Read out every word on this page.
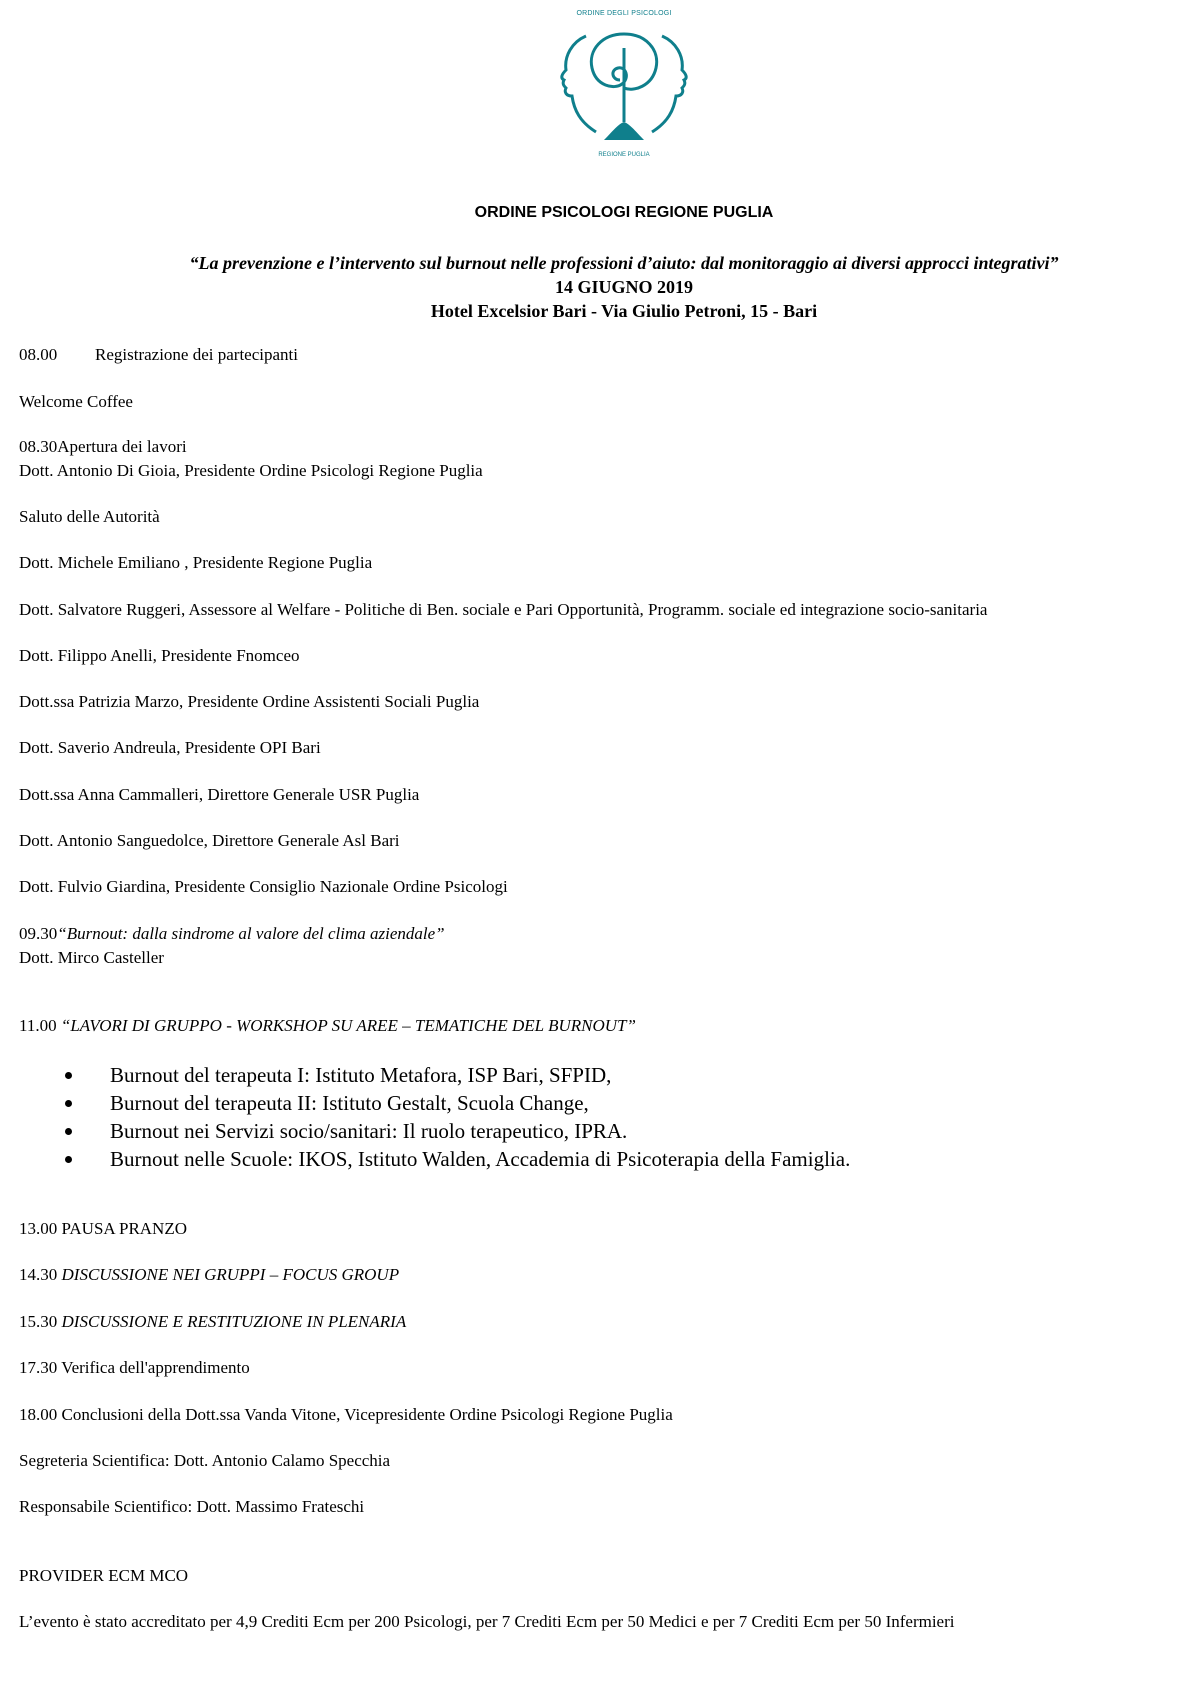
ORDINE DEGLI PSICOLOGI
REGIONE PUGLIA
ORDINE PSICOLOGI REGIONE PUGLIA
“La prevenzione e l’intervento sul burnout nelle professioni d’aiuto: dal monitoraggio ai diversi approcci integrativi”
14 GIUGNO 2019
Hotel Excelsior Bari - Via Giulio Petroni, 15 - Bari
08.00 Registrazione dei partecipanti
Welcome Coffee
08.30Apertura dei lavori
Dott. Antonio Di Gioia, Presidente Ordine Psicologi Regione Puglia
Saluto delle Autorità
Dott. Michele Emiliano , Presidente Regione Puglia
Dott. Salvatore Ruggeri, Assessore al Welfare - Politiche di Ben. sociale e Pari Opportunità, Programm. sociale ed integrazione socio-sanitaria
Dott. Filippo Anelli, Presidente Fnomceo
Dott.ssa Patrizia Marzo, Presidente Ordine Assistenti Sociali Puglia
Dott. Saverio Andreula, Presidente OPI Bari
Dott.ssa Anna Cammalleri, Direttore Generale USR Puglia
Dott. Antonio Sanguedolce, Direttore Generale Asl Bari
Dott. Fulvio Giardina, Presidente Consiglio Nazionale Ordine Psicologi
09.30“Burnout: dalla sindrome al valore del clima aziendale”
Dott. Mirco Casteller
11.00 “LAVORI DI GRUPPO - WORKSHOP SU AREE – TEMATICHE DEL BURNOUT”
Burnout del terapeuta I: Istituto Metafora, ISP Bari, SFPID,
Burnout del terapeuta II: Istituto Gestalt, Scuola Change,
Burnout nei Servizi socio/sanitari: Il ruolo terapeutico, IPRA.
Burnout nelle Scuole: IKOS, Istituto Walden, Accademia di Psicoterapia della Famiglia.
13.00 PAUSA PRANZO
14.30 DISCUSSIONE NEI GRUPPI – FOCUS GROUP
15.30 DISCUSSIONE E RESTITUZIONE IN PLENARIA
17.30 Verifica dell'apprendimento
18.00 Conclusioni della Dott.ssa Vanda Vitone, Vicepresidente Ordine Psicologi Regione Puglia
Segreteria Scientifica: Dott. Antonio Calamo Specchia
Responsabile Scientifico: Dott. Massimo Frateschi
PROVIDER ECM MCO
L’evento è stato accreditato per 4,9 Crediti Ecm per 200 Psicologi, per 7 Crediti Ecm per 50 Medici e per 7 Crediti Ecm per 50 Infermieri
